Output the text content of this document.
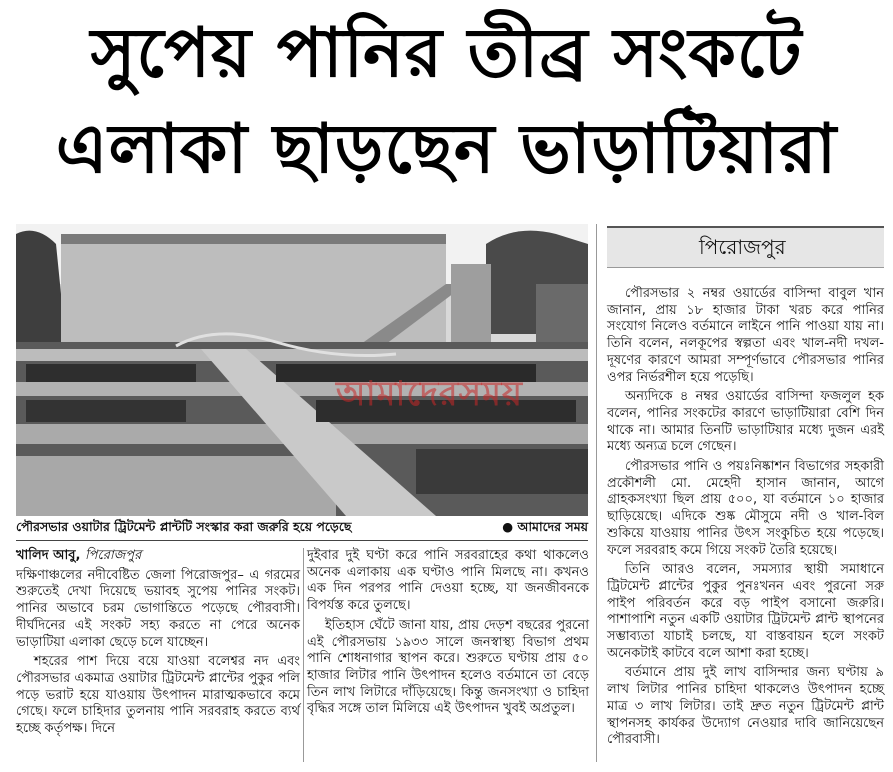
সুপেয় পানির তীব্র সংকটে
এলাকা ছাড়ছেন ভাড়াটিয়ারা
আমাদেরসময়
পৌরসভার ওয়াটার ট্রিটমেন্ট প্লান্টটি সংস্কার করা জরুরি হয়ে পড়েছে
●	আমাদের সময়

খালিদ আবু, পিরোজপুর

দক্ষিণাঞ্চলের নদীবেষ্টিত জেলা পিরোজপুর– এ গরমের শুরুতেই দেখা দিয়েছে ভয়াবহ সুপেয় পানির সংকট। পানির অভাবে চরম ভোগান্তিতে পড়েছে পৌরবাসী। দীর্ঘদিনের এই সংকট সহ্য করতে না পেরে অনেক ভাড়াটিয়া এলাকা ছেড়ে চলে যাচ্ছেন।

শহরের পাশ দিয়ে বয়ে যাওয়া বলেশ্বর নদ এবং পৌরসভার একমাত্র ওয়াটার ট্রিটমেন্ট প্লান্টের পুকুর পলি পড়ে ভরাট হয়ে যাওয়ায় উৎপাদন মারাত্মকভাবে কমে গেছে। ফলে চাহিদার তুলনায় পানি সরবরাহ করতে ব্যর্থ হচ্ছে কর্তৃপক্ষ। দিনে

দুইবার দুই ঘণ্টা করে পানি সরবরাহের কথা থাকলেও অনেক এলাকায় এক ঘণ্টাও পানি মিলছে না। কখনও এক দিন পরপর পানি দেওয়া হচ্ছে, যা জনজীবনকে বিপর্যস্ত করে তুলছে।

ইতিহাস ঘেঁটে জানা যায়, প্রায় দেড়শ বছরের পুরনো এই পৌরসভায় ১৯৩৩ সালে জনস্বাস্থ্য বিভাগ প্রথম পানি শোধনাগার স্থাপন করে। শুরুতে ঘণ্টায় প্রায় ৫০ হাজার লিটার পানি উৎপাদন হলেও বর্তমানে তা বেড়ে তিন লাখ লিটারে দাঁড়িয়েছে। কিন্তু জনসংখ্যা ও চাহিদা বৃদ্ধির সঙ্গে তাল মিলিয়ে এই উৎপাদন খুবই অপ্রতুল।

পিরোজপুর

পৌরসভার ২ নম্বর ওয়ার্ডের বাসিন্দা বাবুল খান জানান, প্রায় ১৮ হাজার টাকা খরচ করে পানির সংযোগ নিলেও বর্তমানে লাইনে পানি পাওয়া যায় না। তিনি বলেন, নলকূপের স্বল্পতা এবং খাল-নদী দখল-দূষণের কারণে আমরা সম্পূর্ণভাবে পৌরসভার পানির ওপর নির্ভরশীল হয়ে পড়েছি।

অন্যদিকে ৪ নম্বর ওয়ার্ডের বাসিন্দা ফজলুল হক বলেন, পানির সংকটের কারণে ভাড়াটিয়ারা বেশি দিন থাকে না। আমার তিনটি ভাড়াটিয়ার মধ্যে দুজন এরই মধ্যে অন্যত্র চলে গেছেন।

পৌরসভার পানি ও পয়ঃনিষ্কাশন বিভাগের সহকারী প্রকৌশলী মো. মেহেদী হাসান জানান, আগে গ্রাহকসংখ্যা ছিল প্রায় ৫০০, যা বর্তমানে ১০ হাজার ছাড়িয়েছে। এদিকে শুষ্ক মৌসুমে নদী ও খাল-বিল শুকিয়ে যাওয়ায় পানির উৎস সংকুচিত হয়ে পড়েছে। ফলে সরবরাহ কমে গিয়ে সংকট তৈরি হয়েছে।

তিনি আরও বলেন, সমস্যার স্থায়ী সমাধানে ট্রিটমেন্ট প্লান্টের পুকুর পুনঃখনন এবং পুরনো সরু পাইপ পরিবর্তন করে বড় পাইপ বসানো জরুরি। পাশাপাশি নতুন একটি ওয়াটার ট্রিটমেন্ট প্লান্ট স্থাপনের সম্ভাব্যতা যাচাই চলছে, যা বাস্তবায়ন হলে সংকট অনেকটাই কাটবে বলে আশা করা হচ্ছে।

বর্তমানে প্রায় দুই লাখ বাসিন্দার জন্য ঘণ্টায় ৯ লাখ লিটার পানির চাহিদা থাকলেও উৎপাদন হচ্ছে মাত্র ৩ লাখ লিটার। তাই দ্রুত নতুন ট্রিটমেন্ট প্লান্ট স্থাপনসহ কার্যকর উদ্যোগ নেওয়ার দাবি জানিয়েছেন পৌরবাসী।
